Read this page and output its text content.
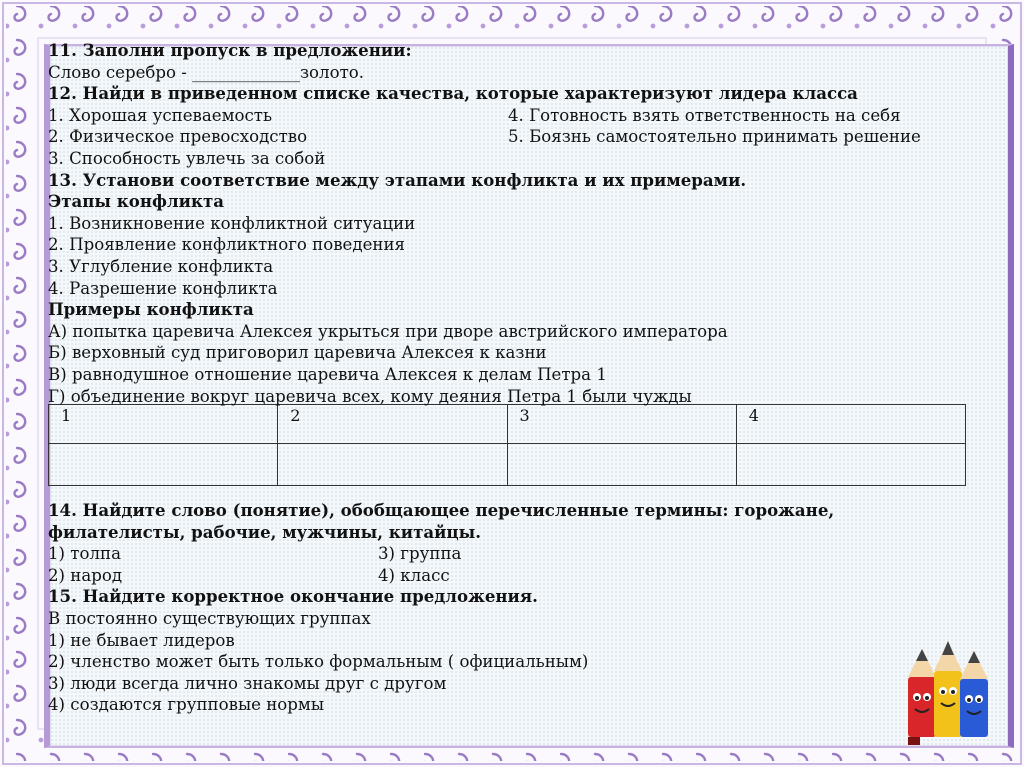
11. Заполни пропуск в предложении:
Слово серебро - _____________золото.
12. Найди в приведенном списке качества, которые характеризуют лидера класса
1. Хорошая успеваемость	4. Готовность взять ответственность на себя
2. Физическое превосходство	5. Боязнь самостоятельно принимать решение
3. Способность увлечь за собой
13. Установи соответствие между этапами конфликта и их примерами.
Этапы конфликта
1. Возникновение конфликтной ситуации
2. Проявление конфликтного поведения
3. Углубление конфликта
4. Разрешение конфликта
Примеры конфликта
А) попытка царевича Алексея укрыться при дворе австрийского императора
Б) верховный суд приговорил царевича Алексея к казни
В) равнодушное отношение царевича Алексея к делам Петра 1
Г) объединение вокруг царевича всех, кому деяния Петра 1 были чужды
1	2	3	4

14. Найдите слово (понятие), обобщающее перечисленные термины: горожане,
филателисты, рабочие, мужчины, китайцы.
1) толпа	3) группа
2) народ	4) класс
15. Найдите корректное окончание предложения.
В постоянно существующих группах
1) не бывает лидеров
2) членство может быть только формальным ( официальным)
3) люди всегда лично знакомы друг с другом
4) создаются групповые нормы
